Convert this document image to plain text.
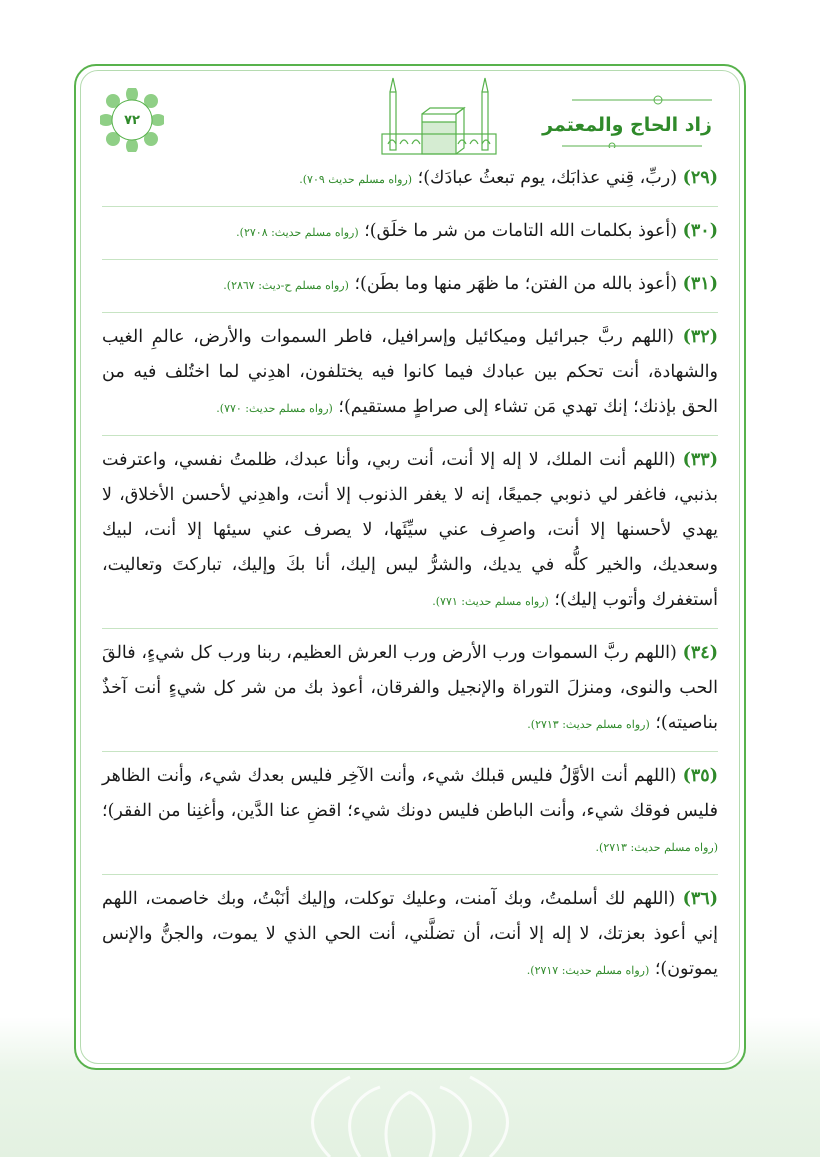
٧٢	زاد الحاج والمعتمر

(٢٩) (ربِّ، قِني عذابَك، يوم تبعثُ عبادَك)؛ (رواه مسلم حديث ٧٠٩).

(٣٠) (أعوذ بكلمات الله التامات من شر ما خلَق)؛ (رواه مسلم حديث: ٢٧٠٨).

(٣١) (أعوذ بالله من الفتن؛ ما ظهَر منها وما بطَن)؛ (رواه مسلم ح-ديث: ٢٨٦٧).

(٣٢) (اللهم ربَّ جبرائيل وميكائيل وإسرافيل، فاطر السموات والأرض، عالمِ الغيب والشهادة، أنت تحكم بين عبادك فيما كانوا فيه يختلفون، اهدِني لما اختُلف فيه من الحق بإذنك؛ إنك تهدي مَن تشاء إلى صراطٍ مستقيم)؛ (رواه مسلم حديث: ٧٧٠).

(٣٣) (اللهم أنت الملك، لا إله إلا أنت، أنت ربي، وأنا عبدك، ظلمتُ نفسي، واعترفت بذنبي، فاغفر لي ذنوبي جميعًا، إنه لا يغفر الذنوب إلا أنت، واهدِني لأحسن الأخلاق، لا يهدي لأحسنها إلا أنت، واصرِف عني سيِّئَها، لا يصرف عني سيئها إلا أنت، لبيك وسعديك، والخير كلُّه في يديك، والشرُّ ليس إليك، أنا بكَ وإليك، تباركتَ وتعاليت، أستغفرك وأتوب إليك)؛ (رواه مسلم حديث: ٧٧١).

(٣٤) (اللهم ربَّ السموات ورب الأرض ورب العرش العظيم، ربنا ورب كل شيءٍ، فالقَ الحب والنوى، ومنزلَ التوراة والإنجيل والفرقان، أعوذ بك من شر كل شيءٍ أنت آخذٌ بناصيته)؛ (رواه مسلم حديث: ٢٧١٣).

(٣٥) (اللهم أنت الأوَّلُ فليس قبلك شيء، وأنت الآخِر فليس بعدك شيء، وأنت الظاهر فليس فوقك شيء، وأنت الباطن فليس دونك شيء؛ اقضِ عنا الدَّين، وأغنِنا من الفقر)؛ (رواه مسلم حديث: ٢٧١٣).

(٣٦) (اللهم لك أسلمتُ، وبك آمنت، وعليك توكلت، وإليك أنَبْتُ، وبك خاصمت، اللهم إني أعوذ بعزتك، لا إله إلا أنت، أن تضلَّني، أنت الحي الذي لا يموت، والجنُّ والإنس يموتون)؛ (رواه مسلم حديث: ٢٧١٧).
